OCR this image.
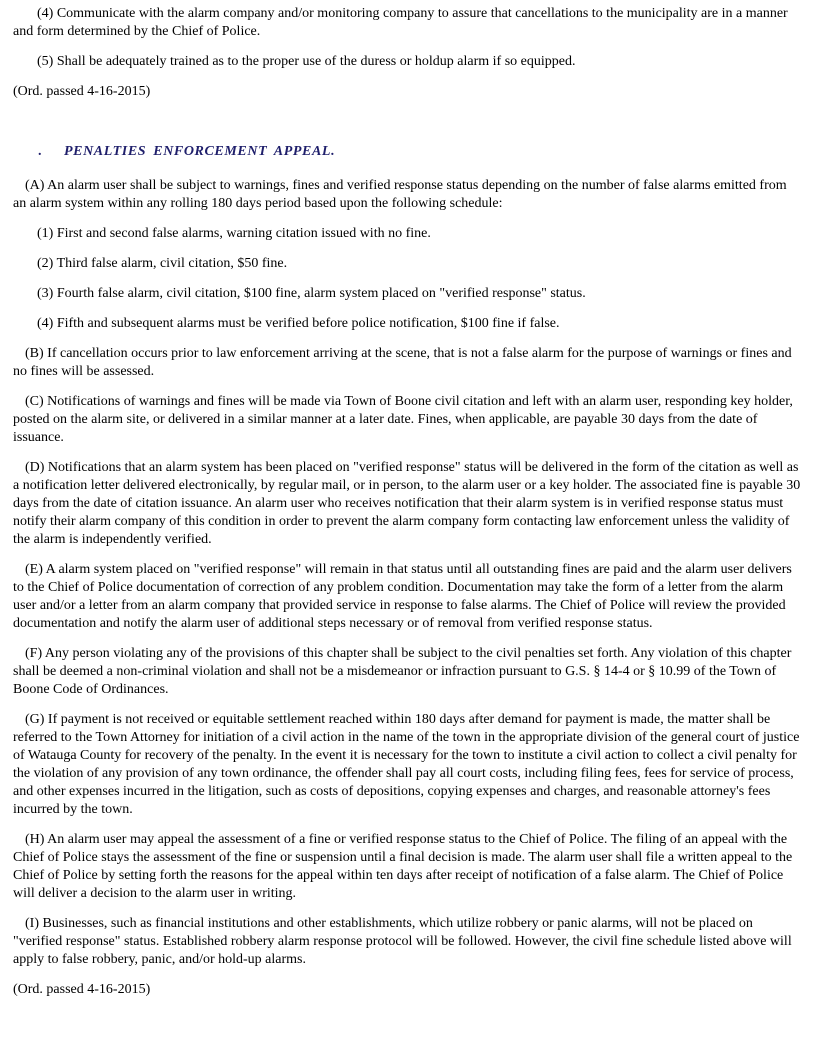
(4) Communicate with the alarm company and/or monitoring company to assure that cancellations to the municipality are in a manner and form determined by the Chief of Police.

(5) Shall be adequately trained as to the proper use of the duress or holdup alarm if so equipped.

(Ord. passed 4-16-2015)

.	PENALTIES ENFORCEMENT APPEAL.

(A) An alarm user shall be subject to warnings, fines and verified response status depending on the number of false alarms emitted from an alarm system within any rolling 180 days period based upon the following schedule:

(1) First and second false alarms, warning citation issued with no fine.

(2) Third false alarm, civil citation, $50 fine.

(3) Fourth false alarm, civil citation, $100 fine, alarm system placed on "verified response" status.

(4) Fifth and subsequent alarms must be verified before police notification, $100 fine if false.

(B) If cancellation occurs prior to law enforcement arriving at the scene, that is not a false alarm for the purpose of warnings or fines and no fines will be assessed.

(C) Notifications of warnings and fines will be made via Town of Boone civil citation and left with an alarm user, responding key holder, posted on the alarm site, or delivered in a similar manner at a later date. Fines, when applicable, are payable 30 days from the date of issuance.

(D) Notifications that an alarm system has been placed on "verified response" status will be delivered in the form of the citation as well as a notification letter delivered electronically, by regular mail, or in person, to the alarm user or a key holder. The associated fine is payable 30 days from the date of citation issuance. An alarm user who receives notification that their alarm system is in verified response status must notify their alarm company of this condition in order to prevent the alarm company form contacting law enforcement unless the validity of the alarm is independently verified.

(E) A alarm system placed on "verified response" will remain in that status until all outstanding fines are paid and the alarm user delivers to the Chief of Police documentation of correction of any problem condition. Documentation may take the form of a letter from the alarm user and/or a letter from an alarm company that provided service in response to false alarms. The Chief of Police will review the provided documentation and notify the alarm user of additional steps necessary or of removal from verified response status.

(F) Any person violating any of the provisions of this chapter shall be subject to the civil penalties set forth. Any violation of this chapter shall be deemed a non-criminal violation and shall not be a misdemeanor or infraction pursuant to G.S. § 14-4 or § 10.99 of the Town of Boone Code of Ordinances.

(G) If payment is not received or equitable settlement reached within 180 days after demand for payment is made, the matter shall be referred to the Town Attorney for initiation of a civil action in the name of the town in the appropriate division of the general court of justice of Watauga County for recovery of the penalty. In the event it is necessary for the town to institute a civil action to collect a civil penalty for the violation of any provision of any town ordinance, the offender shall pay all court costs, including filing fees, fees for service of process, and other expenses incurred in the litigation, such as costs of depositions, copying expenses and charges, and reasonable attorney's fees incurred by the town.

(H) An alarm user may appeal the assessment of a fine or verified response status to the Chief of Police. The filing of an appeal with the Chief of Police stays the assessment of the fine or suspension until a final decision is made. The alarm user shall file a written appeal to the Chief of Police by setting forth the reasons for the appeal within ten days after receipt of notification of a false alarm. The Chief of Police will deliver a decision to the alarm user in writing.

(I) Businesses, such as financial institutions and other establishments, which utilize robbery or panic alarms, will not be placed on "verified response" status. Established robbery alarm response protocol will be followed. However, the civil fine schedule listed above will apply to false robbery, panic, and/or hold-up alarms.

(Ord. passed 4-16-2015)
